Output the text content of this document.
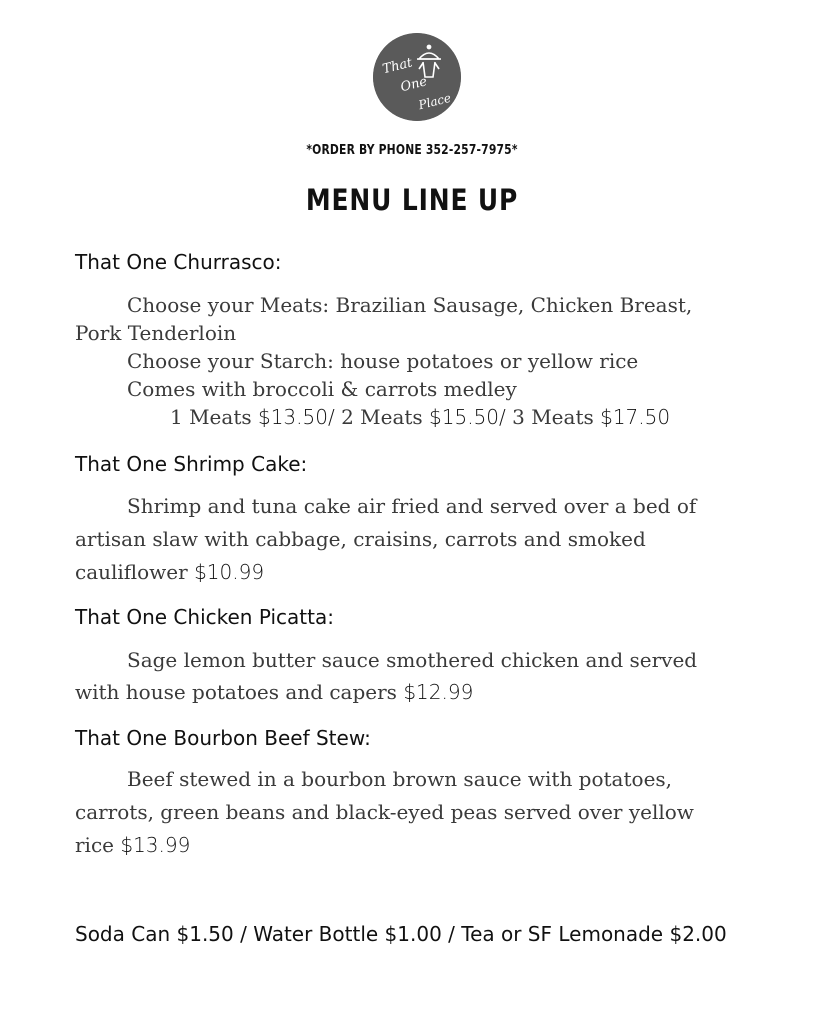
That
One
Place
*ORDER BY PHONE 352-257-7975*
MENU LINE UP
That One Churrasco:
Choose your Meats: Brazilian Sausage, Chicken Breast,
Pork Tenderloin
Choose your Starch: house potatoes or yellow rice
Comes with broccoli & carrots medley
1 Meats $13.50/ 2 Meats $15.50/ 3 Meats $17.50
That One Shrimp Cake:
Shrimp and tuna cake air fried and served over a bed of
artisan slaw with cabbage, craisins, carrots and smoked
cauliflower $10.99
That One Chicken Picatta:
Sage lemon butter sauce smothered chicken and served
with house potatoes and capers $12.99
That One Bourbon Beef Stew:
Beef stewed in a bourbon brown sauce with potatoes,
carrots, green beans and black-eyed peas served over yellow
rice $13.99
Soda Can $1.50 / Water Bottle $1.00 / Tea or SF Lemonade $2.00
